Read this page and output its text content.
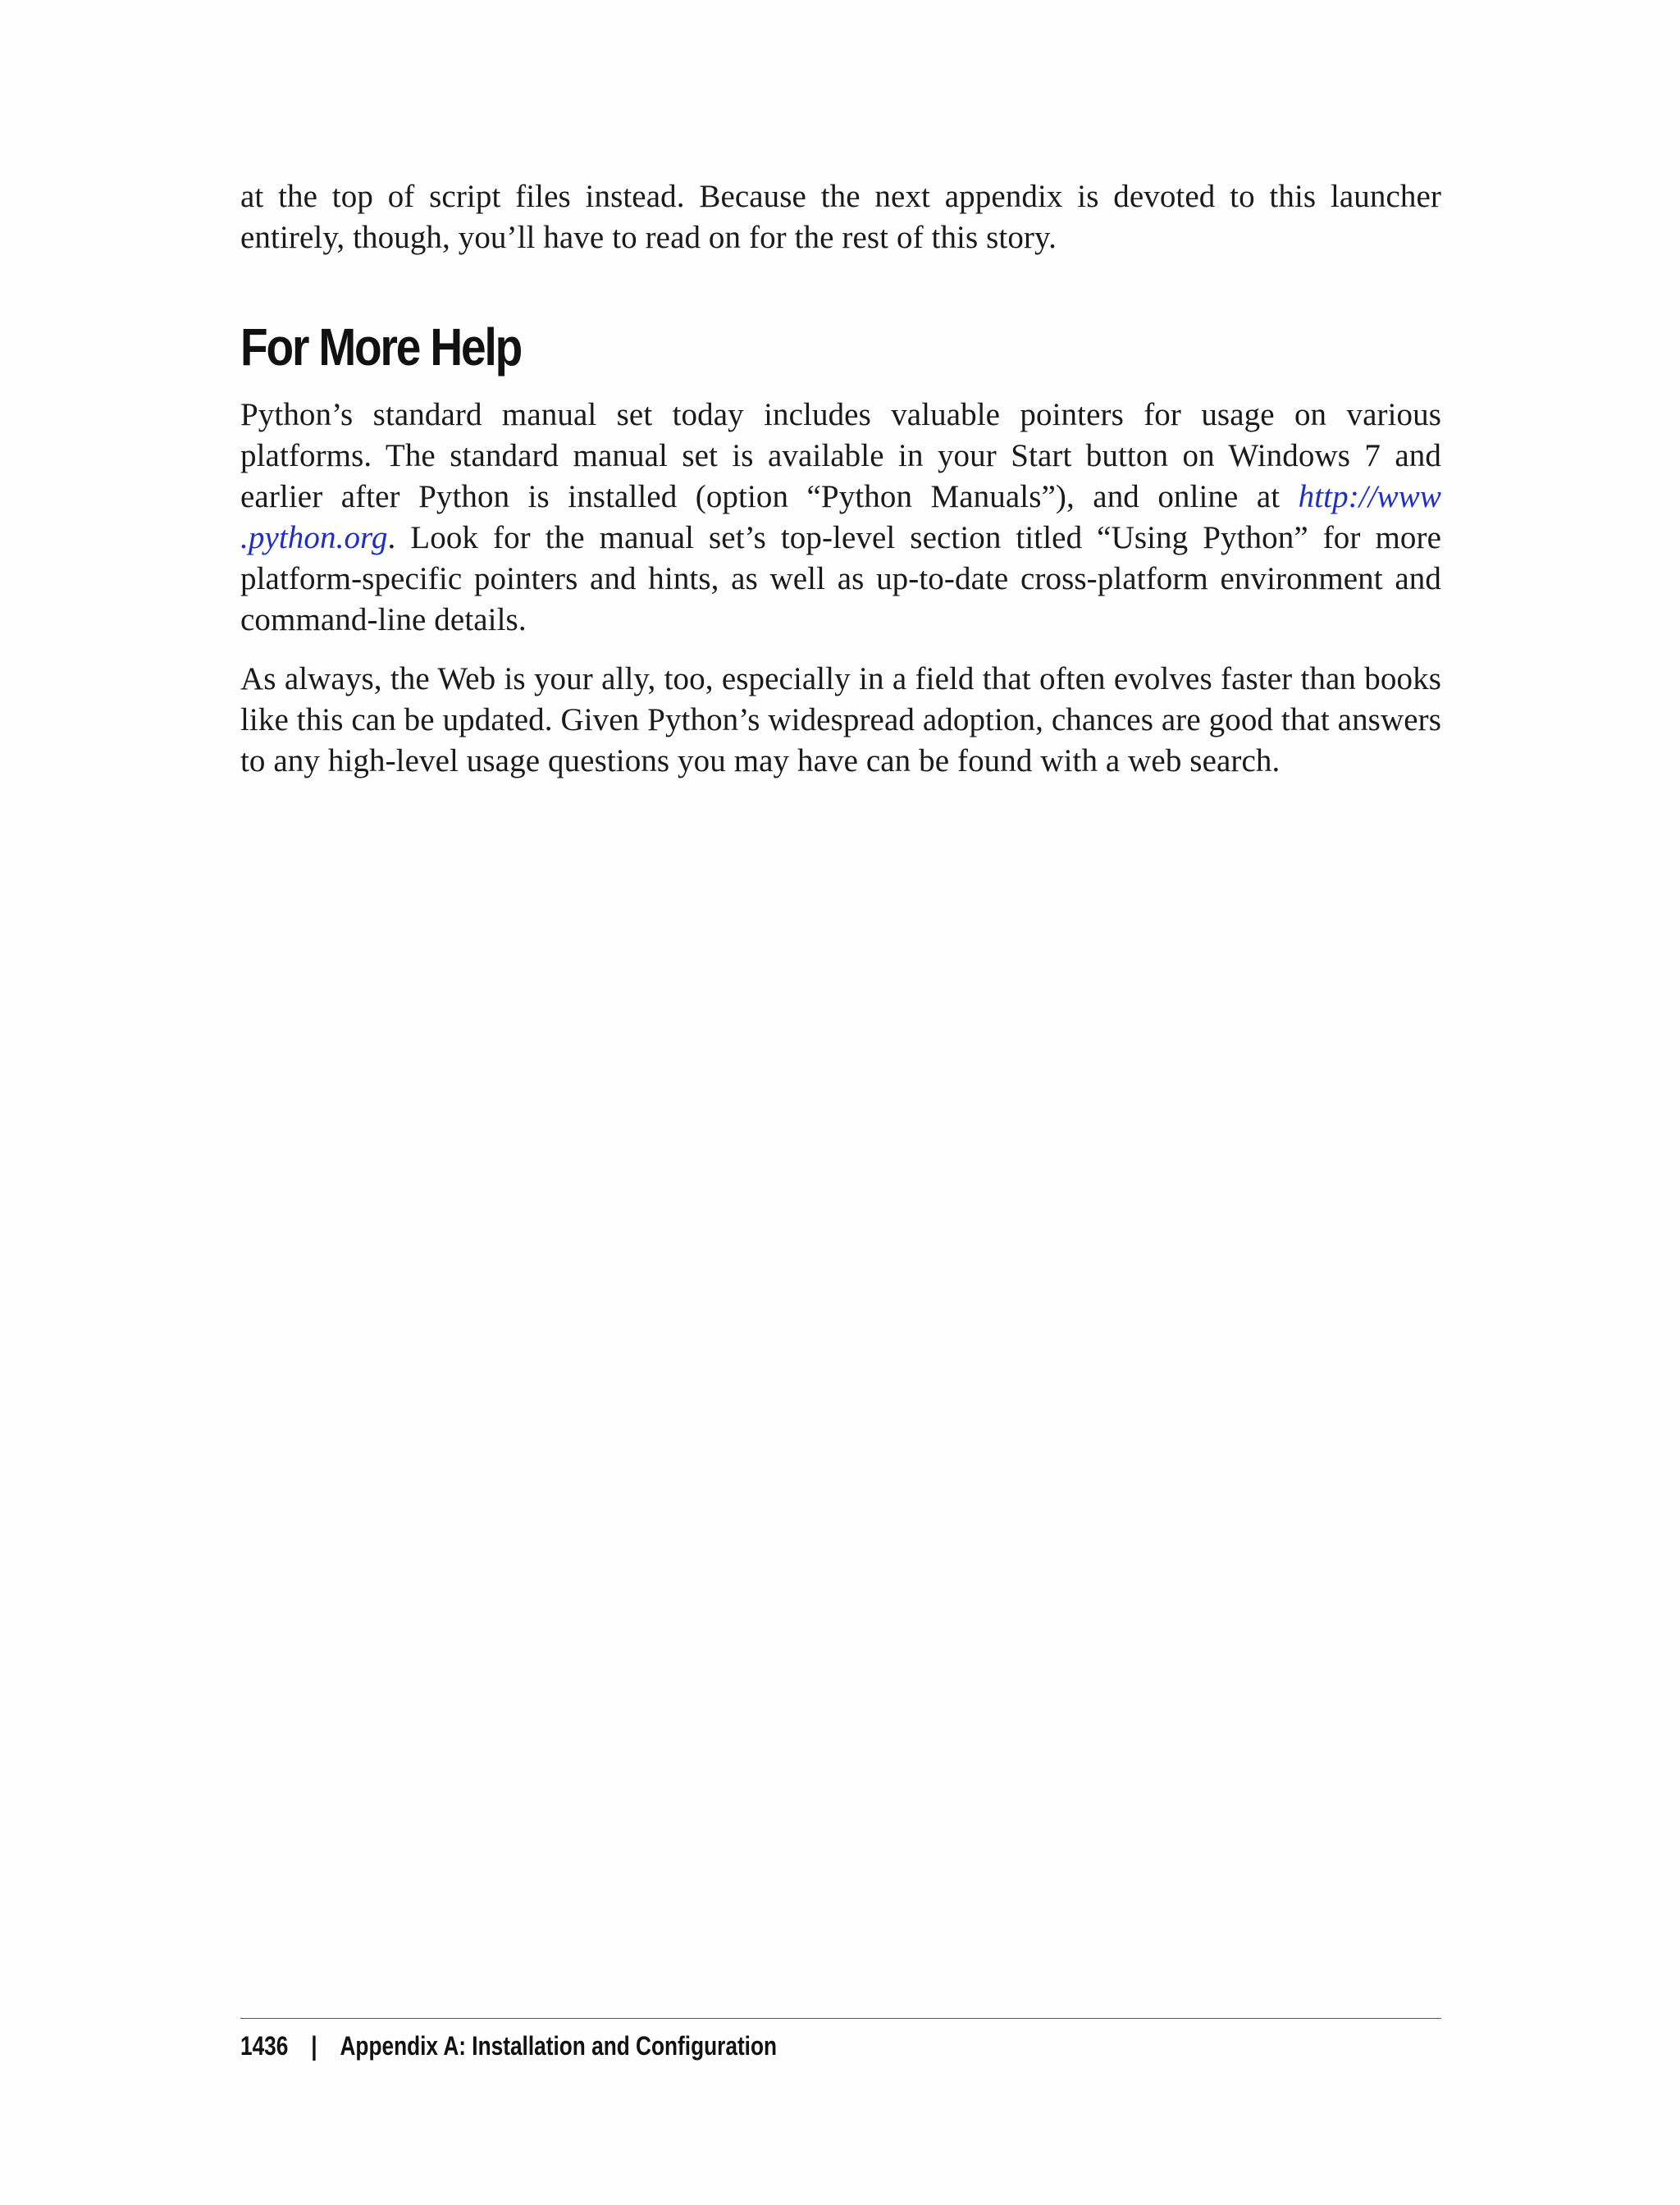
at the top of script files instead. Because the next appendix is devoted to this launcher entirely, though, you’ll have to read on for the rest of this story.

For More Help

Python’s standard manual set today includes valuable pointers for usage on various platforms. The standard manual set is available in your Start button on Windows 7 and earlier after Python is installed (option “Python Manuals”), and online at http://www .python.org. Look for the manual set’s top-level section titled “Using Python” for more platform-specific pointers and hints, as well as up-to-date cross-platform environment and command-line details.

As always, the Web is your ally, too, especially in a field that often evolves faster than books like this can be updated. Given Python’s widespread adoption, chances are good that answers to any high-level usage questions you may have can be found with a web search.

1436 | Appendix A: Installation and Configuration
